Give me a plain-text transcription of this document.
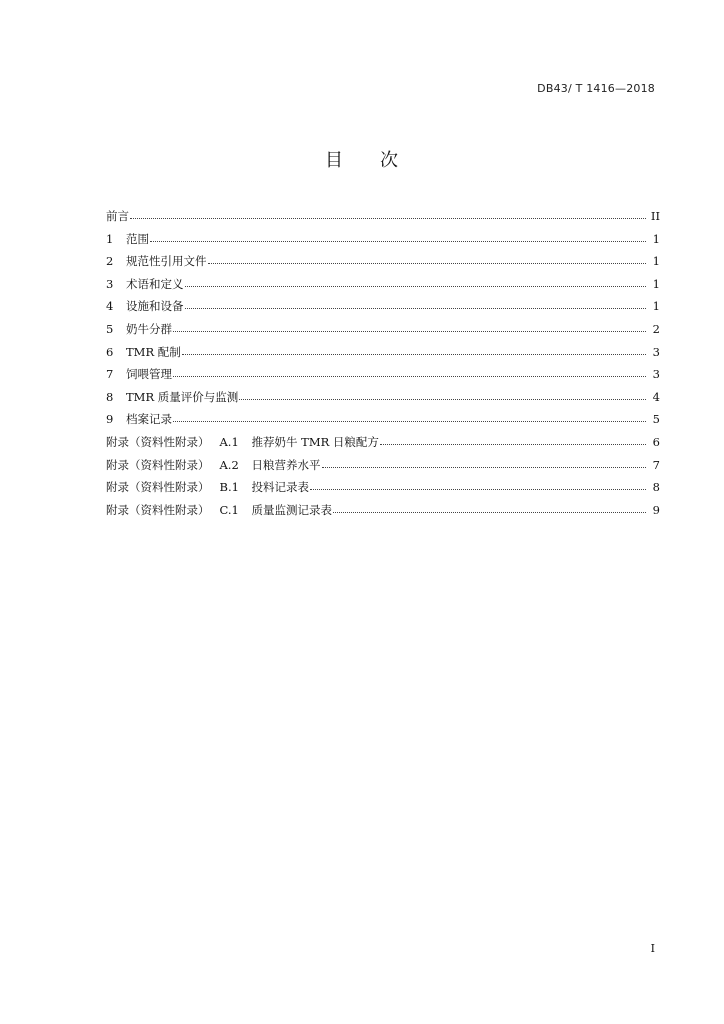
DB43/ T 1416—2018
目 次
前言	II
1	范围	1
2	规范性引用文件	1
3	术语和定义	1
4	设施和设备	1
5	奶牛分群	2
6	TMR 配制	3
7	饲喂管理	3
8	TMR 质量评价与监测	4
9	档案记录	5
附录（资料性附录） A.1	推荐奶牛 TMR 日粮配方	6
附录（资料性附录） A.2	日粮营养水平	7
附录（资料性附录） B.1	投料记录表	8
附录（资料性附录） C.1	质量监测记录表	9
I
